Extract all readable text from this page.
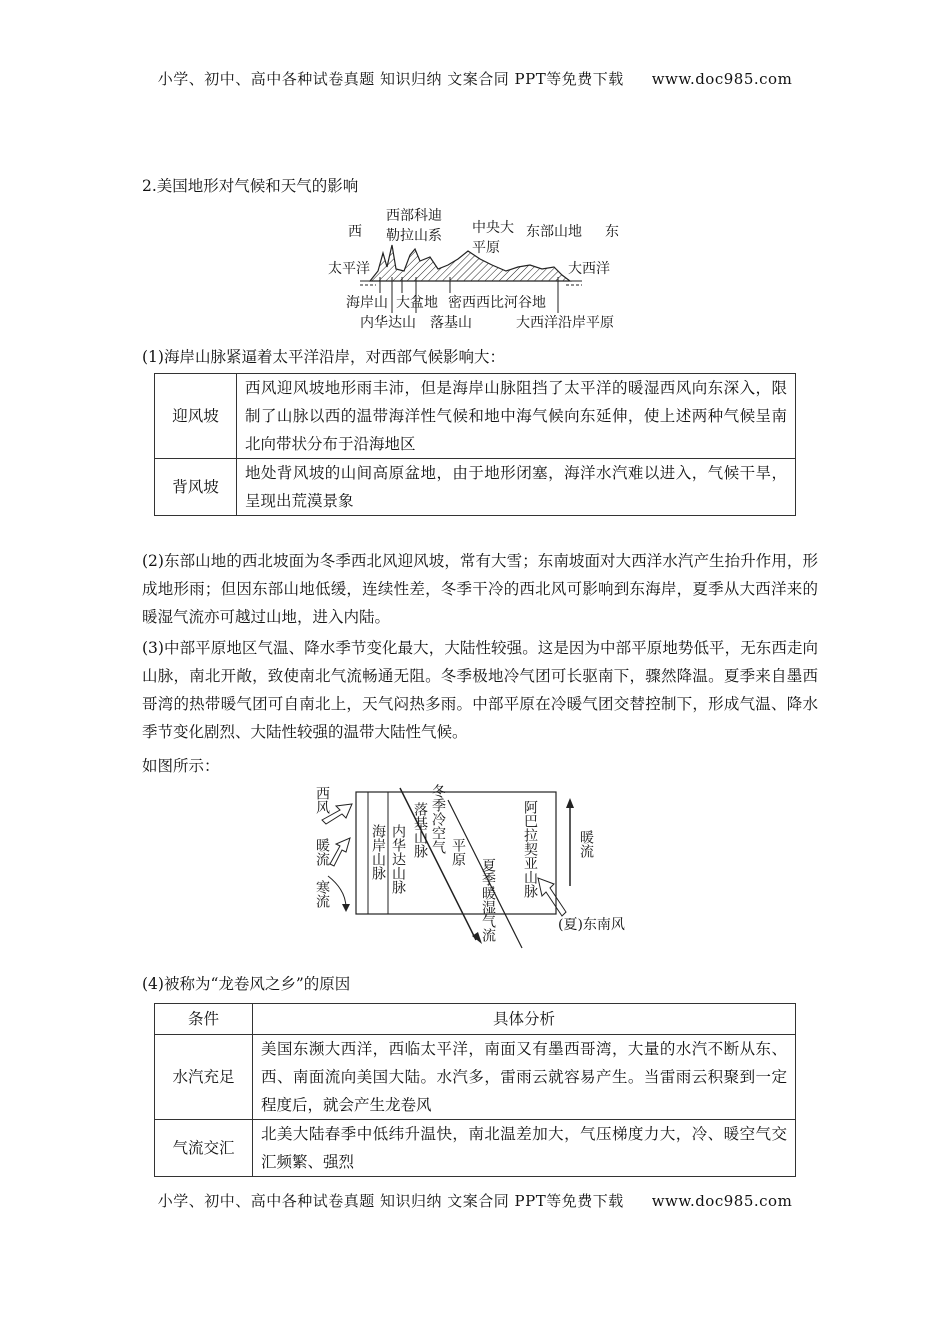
小学、初中、高中各种试卷真题 知识归纳 文案合同 PPT等免费下载 www.doc985.com
2.美国地形对气候和天气的影响
西	东
西部科迪
勒拉山系 中央大
平原
东部山地
太平洋	大西洋
海岸山 大盆地 密西西比河谷地
内华达山 落基山	大西洋沿岸平原
(1)海岸山脉紧逼着太平洋沿岸，对西部气候影响大：
迎风坡	西风迎风坡地形雨丰沛，但是海岸山脉阻挡了太平洋的暖湿西风向东深入，限制了山脉以西的温带海洋性气候和地中海气候向东延伸，使上述两种气候呈南北向带状分布于沿海地区
背风坡	地处背风坡的山间高原盆地，由于地形闭塞，海洋水汽难以进入，气候干旱，呈现出荒漠景象
(2)东部山地的西北坡面为冬季西北风迎风坡，常有大雪；东南坡面对大西洋水汽产生抬升作用，形成地形雨；但因东部山地低缓，连续性差，冬季干冷的西北风可影响到东海岸，夏季从大西洋来的暖湿气流亦可越过山地，进入内陆。
(3)中部平原地区气温、降水季节变化最大，大陆性较强。这是因为中部平原地势低平，无东西走向山脉，南北开敞，致使南北气流畅通无阻。冬季极地冷气团可长驱南下，骤然降温。夏季来自墨西哥湾的热带暖气团可自南北上，天气闷热多雨。中部平原在冷暖气团交替控制下，形成气温、降水季节变化剧烈、大陆性较强的温带大陆性气候。
如图所示：
西风
暖流
寒流
海岸山脉 内华达山脉 落基山脉 冬季冷空气 平原
夏季暖湿气流
阿巴拉契亚山脉	暖流
(夏)东南风
(4)被称为“龙卷风之乡”的原因
条件	具体分析
水汽充足	美国东濒大西洋，西临太平洋，南面又有墨西哥湾，大量的水汽不断从东、西、南面流向美国大陆。水汽多，雷雨云就容易产生。当雷雨云积聚到一定程度后，就会产生龙卷风
气流交汇	北美大陆春季中低纬升温快，南北温差加大，气压梯度力大，冷、暖空气交汇频繁、强烈
小学、初中、高中各种试卷真题 知识归纳 文案合同 PPT等免费下载 www.doc985.com
